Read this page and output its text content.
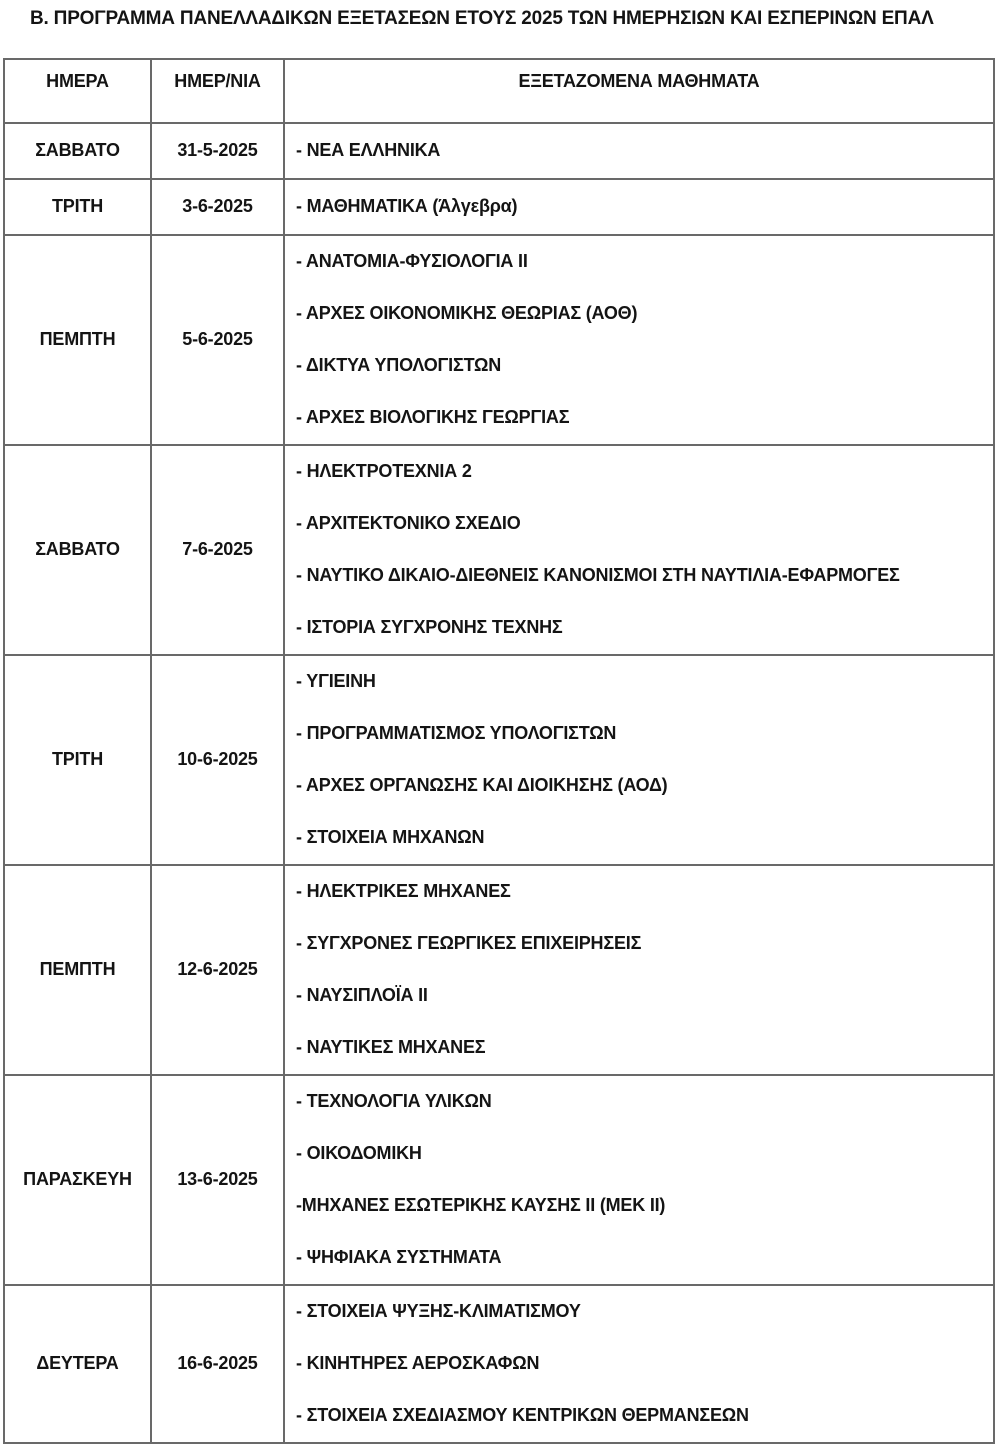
Β. ΠΡΟΓΡΑΜΜΑ ΠΑΝΕΛΛΑΔΙΚΩΝ ΕΞΕΤΑΣΕΩΝ ΕΤΟΥΣ 2025 ΤΩΝ ΗΜΕΡΗΣΙΩΝ ΚΑΙ ΕΣΠΕΡΙΝΩΝ ΕΠΑΛ
ΗΜΕΡΑ	ΗΜΕΡ/ΝΙΑ	ΕΞΕΤΑΖΟΜΕΝΑ ΜΑΘΗΜΑΤΑ
ΣΑΒΒΑΤΟ	31-5-2025	- ΝΕΑ ΕΛΛΗΝΙΚΑ
ΤΡΙΤΗ	3-6-2025	- ΜΑΘΗΜΑΤΙΚΑ (Άλγεβρα)
ΠΕΜΠΤΗ	5-6-2025
- ΑΝΑΤΟΜΙΑ-ΦΥΣΙΟΛΟΓΙΑ ΙΙ
- ΑΡΧΕΣ ΟΙΚΟΝΟΜΙΚΗΣ ΘΕΩΡΙΑΣ (ΑΟΘ)
- ΔΙΚΤΥΑ ΥΠΟΛΟΓΙΣΤΩΝ
- ΑΡΧΕΣ ΒΙΟΛΟΓΙΚΗΣ ΓΕΩΡΓΙΑΣ
ΣΑΒΒΑΤΟ	7-6-2025
- ΗΛΕΚΤΡΟΤΕΧΝΙΑ 2
- ΑΡΧΙΤΕΚΤΟΝΙΚΟ ΣΧΕΔΙΟ
- ΝΑΥΤΙΚΟ ΔΙΚΑΙΟ-ΔΙΕΘΝΕΙΣ ΚΑΝΟΝΙΣΜΟΙ ΣΤΗ ΝΑΥΤΙΛΙΑ-ΕΦΑΡΜΟΓΕΣ
- ΙΣΤΟΡΙΑ ΣΥΓΧΡΟΝΗΣ ΤΕΧΝΗΣ
ΤΡΙΤΗ	10-6-2025
- ΥΓΙΕΙΝΗ
- ΠΡΟΓΡΑΜΜΑΤΙΣΜΟΣ ΥΠΟΛΟΓΙΣΤΩΝ
- ΑΡΧΕΣ ΟΡΓΑΝΩΣΗΣ ΚΑΙ ΔΙΟΙΚΗΣΗΣ (ΑΟΔ)
- ΣΤΟΙΧΕΙΑ ΜΗΧΑΝΩΝ
ΠΕΜΠΤΗ	12-6-2025
- ΗΛΕΚΤΡΙΚΕΣ ΜΗΧΑΝΕΣ
- ΣΥΓΧΡΟΝΕΣ ΓΕΩΡΓΙΚΕΣ ΕΠΙΧΕΙΡΗΣΕΙΣ
- ΝΑΥΣΙΠΛΟΪΑ ΙΙ
- ΝΑΥΤΙΚΕΣ ΜΗΧΑΝΕΣ
ΠΑΡΑΣΚΕΥΗ	13-6-2025
- ΤΕΧΝΟΛΟΓΙΑ ΥΛΙΚΩΝ
- ΟΙΚΟΔΟΜΙΚΗ
-ΜΗΧΑΝΕΣ ΕΣΩΤΕΡΙΚΗΣ ΚΑΥΣΗΣ ΙΙ (ΜΕΚ ΙΙ)
- ΨΗΦΙΑΚΑ ΣΥΣΤΗΜΑΤΑ
ΔΕΥΤΕΡΑ	16-6-2025
- ΣΤΟΙΧΕΙΑ ΨΥΞΗΣ-ΚΛΙΜΑΤΙΣΜΟΥ
- ΚΙΝΗΤΗΡΕΣ ΑΕΡΟΣΚΑΦΩΝ
- ΣΤΟΙΧΕΙΑ ΣΧΕΔΙΑΣΜΟΥ ΚΕΝΤΡΙΚΩΝ ΘΕΡΜΑΝΣΕΩΝ
